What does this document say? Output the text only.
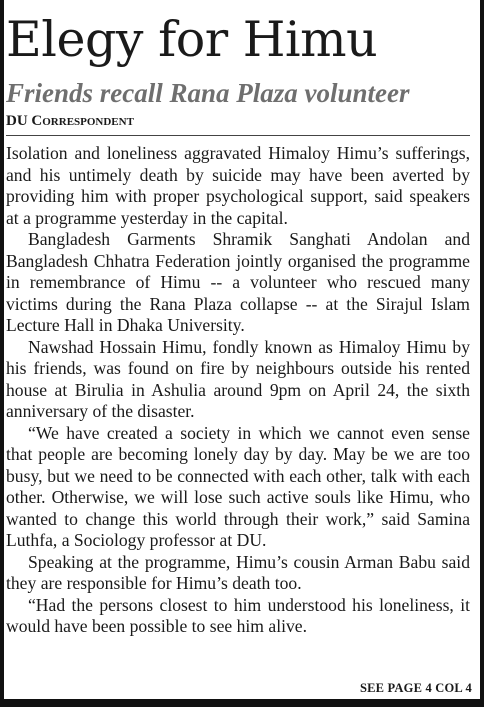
Elegy for Himu
Friends recall Rana Plaza volunteer
DU Correspondent

Isolation and loneliness aggravated Himaloy Himu’s sufferings, and his untimely death by suicide may have been averted by providing him with proper psychological support, said speakers at a programme yesterday in the capital.

Bangladesh Garments Shramik Sanghati Andolan and Bangladesh Chhatra Federation jointly organised the programme in remembrance of Himu -- a volunteer who rescued many victims during the Rana Plaza collapse -- at the Sirajul Islam Lecture Hall in Dhaka University.

Nawshad Hossain Himu, fondly known as Himaloy Himu by his friends, was found on fire by neighbours outside his rented house at Birulia in Ashulia around 9pm on April 24, the sixth anniversary of the disaster.

“We have created a society in which we cannot even sense that people are becoming lonely day by day. May be we are too busy, but we need to be connected with each other, talk with each other. Otherwise, we will lose such active souls like Himu, who wanted to change this world through their work,” said Samina Luthfa, a Sociology professor at DU.

Speaking at the programme, Himu’s cousin Arman Babu said they are responsible for Himu’s death too.

“Had the persons closest to him understood his loneliness, it would have been possible to see him alive.

SEE PAGE 4 COL 4
